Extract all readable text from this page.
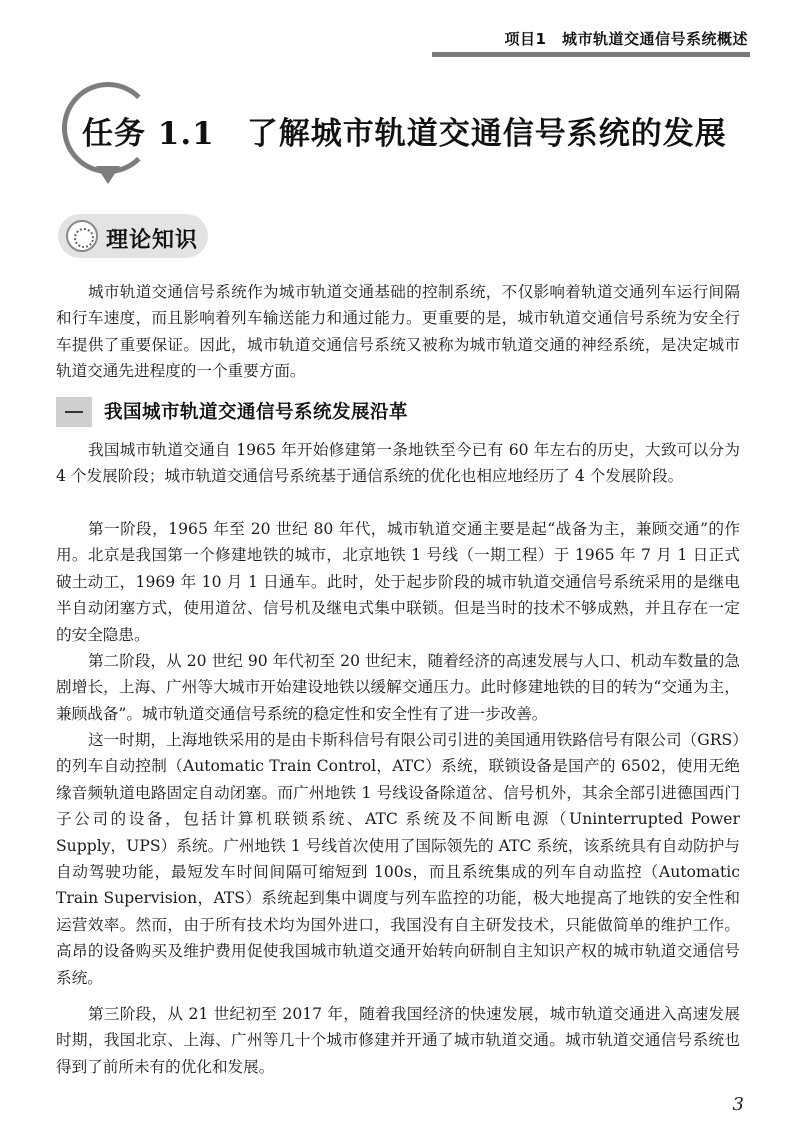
项目1　城市轨道交通信号系统概述
任务 1.1　了解城市轨道交通信号系统的发展
理论知识

城市轨道交通信号系统作为城市轨道交通基础的控制系统，不仅影响着轨道交通列车运行间隔和行车速度，而且影响着列车输送能力和通过能力。更重要的是，城市轨道交通信号系统为安全行车提供了重要保证。因此，城市轨道交通信号系统又被称为城市轨道交通的神经系统，是决定城市轨道交通先进程度的一个重要方面。

我国城市轨道交通信号系统发展沿革

我国城市轨道交通自 1965 年开始修建第一条地铁至今已有 60 年左右的历史，大致可以分为 4 个发展阶段；城市轨道交通信号系统基于通信系统的优化也相应地经历了 4 个发展阶段。

第一阶段，1965 年至 20 世纪 80 年代，城市轨道交通主要是起“战备为主，兼顾交通”的作用。北京是我国第一个修建地铁的城市，北京地铁 1 号线（一期工程）于 1965 年 7 月 1 日正式破土动工，1969 年 10 月 1 日通车。此时，处于起步阶段的城市轨道交通信号系统采用的是继电半自动闭塞方式，使用道岔、信号机及继电式集中联锁。但是当时的技术不够成熟，并且存在一定的安全隐患。

第二阶段，从 20 世纪 90 年代初至 20 世纪末，随着经济的高速发展与人口、机动车数量的急剧增长，上海、广州等大城市开始建设地铁以缓解交通压力。此时修建地铁的目的转为“交通为主，兼顾战备”。城市轨道交通信号系统的稳定性和安全性有了进一步改善。

这一时期，上海地铁采用的是由卡斯科信号有限公司引进的美国通用铁路信号有限公司（GRS）的列车自动控制（Automatic Train Control，ATC）系统，联锁设备是国产的 6502，使用无绝缘音频轨道电路固定自动闭塞。而广州地铁 1 号线设备除道岔、信号机外，其余全部引进德国西门子公司的设备，包括计算机联锁系统、ATC 系统及不间断电源（Uninterrupted Power Supply，UPS）系统。广州地铁 1 号线首次使用了国际领先的 ATC 系统，该系统具有自动防护与自动驾驶功能，最短发车时间间隔可缩短到 100s，而且系统集成的列车自动监控（Automatic Train Supervision，ATS）系统起到集中调度与列车监控的功能，极大地提高了地铁的安全性和运营效率。然而，由于所有技术均为国外进口，我国没有自主研发技术，只能做简单的维护工作。高昂的设备购买及维护费用促使我国城市轨道交通开始转向研制自主知识产权的城市轨道交通信号系统。

第三阶段，从 21 世纪初至 2017 年，随着我国经济的快速发展，城市轨道交通进入高速发展时期，我国北京、上海、广州等几十个城市修建并开通了城市轨道交通。城市轨道交通信号系统也得到了前所未有的优化和发展。

3
